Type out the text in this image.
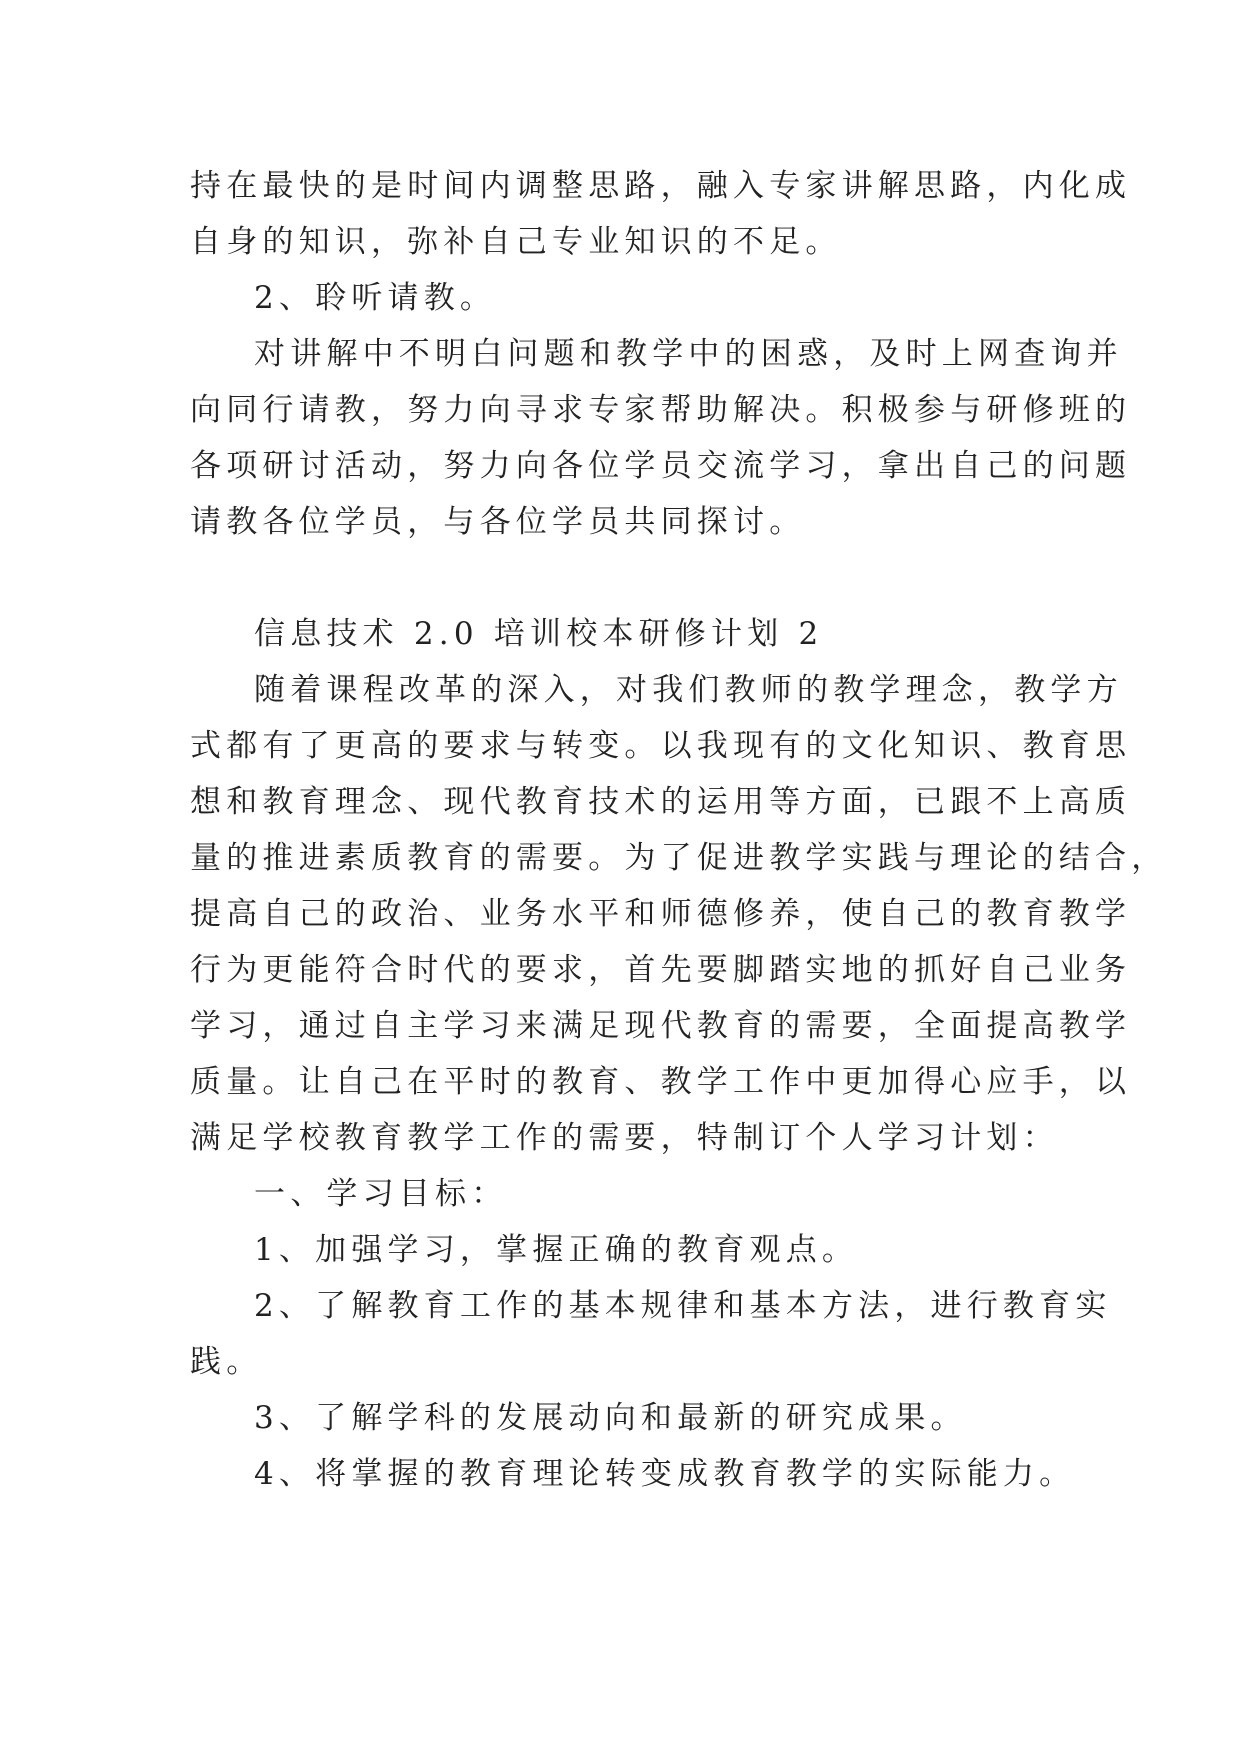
持在最快的是时间内调整思路，融入专家讲解思路，内化成
自身的知识，弥补自己专业知识的不足。
2、聆听请教。
对讲解中不明白问题和教学中的困惑，及时上网查询并
向同行请教，努力向寻求专家帮助解决。积极参与研修班的
各项研讨活动，努力向各位学员交流学习，拿出自己的问题
请教各位学员，与各位学员共同探讨。
信息技术 2.0 培训校本研修计划 2
随着课程改革的深入，对我们教师的教学理念，教学方
式都有了更高的要求与转变。以我现有的文化知识、教育思
想和教育理念、现代教育技术的运用等方面，已跟不上高质
量的推进素质教育的需要。为了促进教学实践与理论的结合，
提高自己的政治、业务水平和师德修养，使自己的教育教学
行为更能符合时代的要求，首先要脚踏实地的抓好自己业务
学习，通过自主学习来满足现代教育的需要，全面提高教学
质量。让自己在平时的教育、教学工作中更加得心应手，以
满足学校教育教学工作的需要，特制订个人学习计划：
一、学习目标：
1、加强学习，掌握正确的教育观点。
2、了解教育工作的基本规律和基本方法，进行教育实
践。
3、了解学科的发展动向和最新的研究成果。
4、将掌握的教育理论转变成教育教学的实际能力。
